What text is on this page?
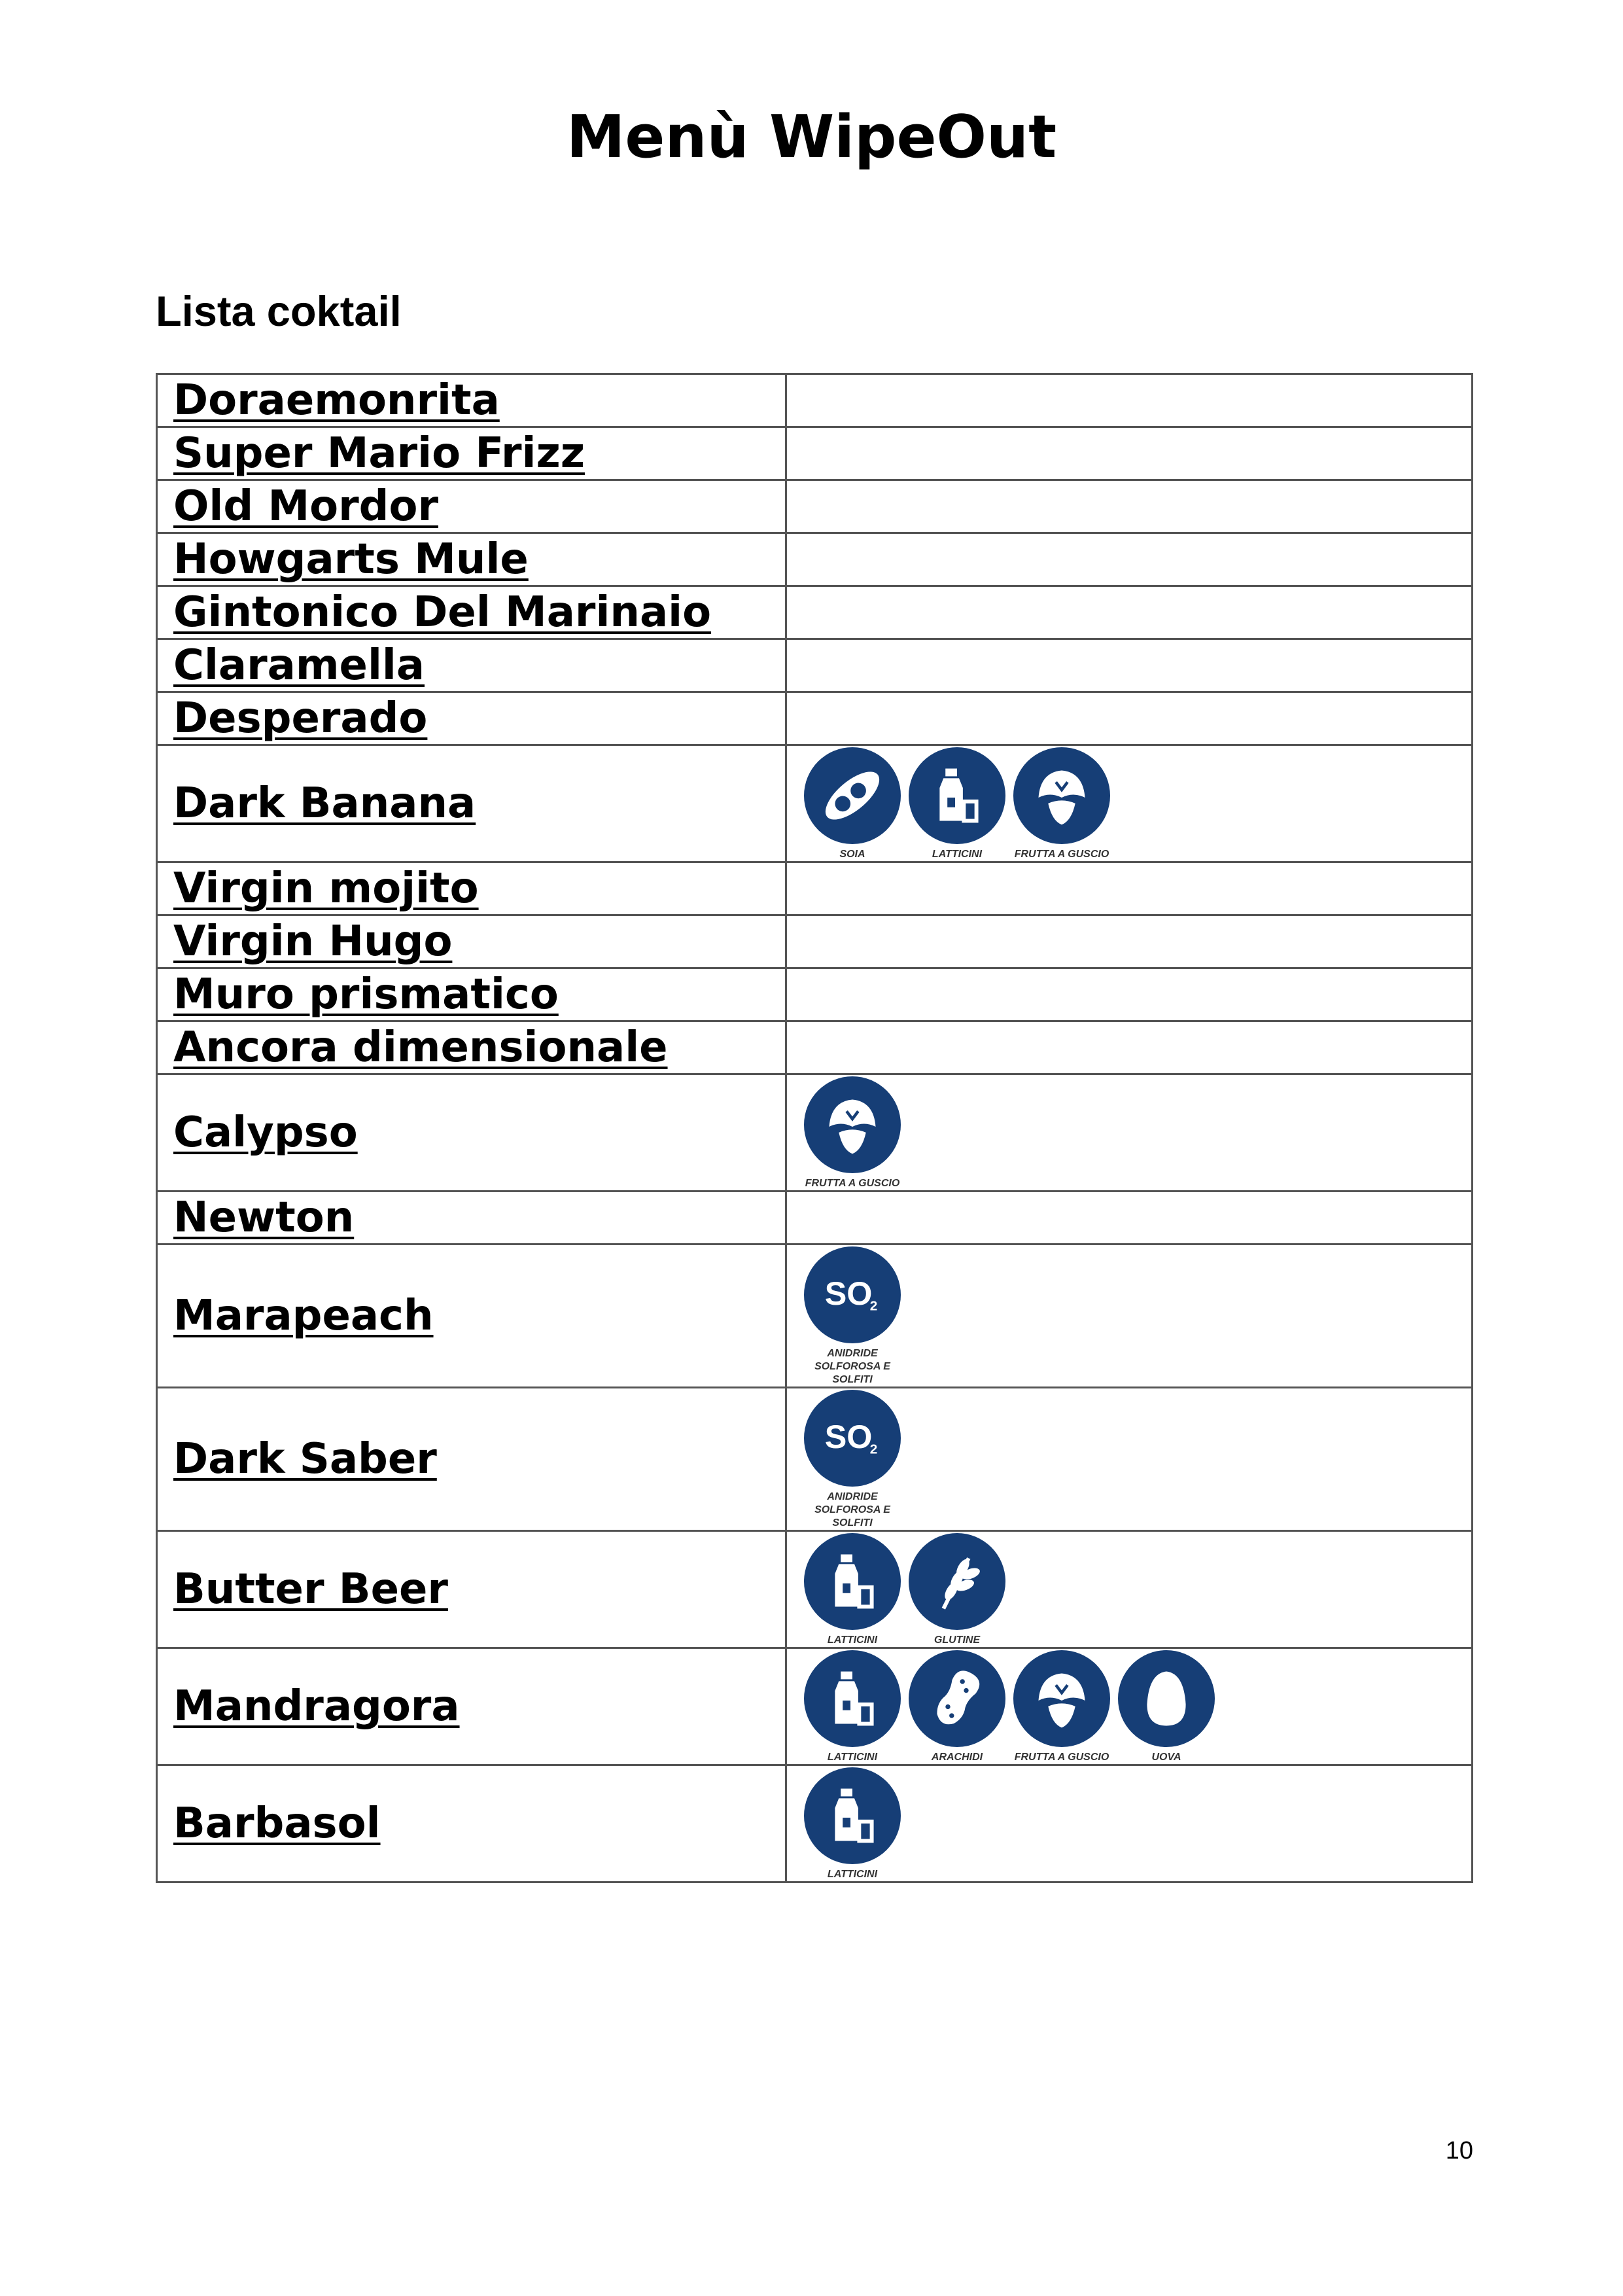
Menù WipeOut
Lista coktail
Doraemonrita	
Super Mario Frizz	
Old Mordor	
Howgarts Mule	
Gintonico Del Marinaio	
Claramella	
Desperado	
Dark Banana	SOIA LATTICINI FRUTTA A GUSCIO

Virgin mojito	
Virgin Hugo	
Muro prismatico	
Ancora dimensionale	
Calypso	FRUTTA A GUSCIO

Newton	
Marapeach	SO
2
ANIDRIDE SOLFOROSA E SOLFITI

Dark Saber	SO
2
ANIDRIDE SOLFOROSA E SOLFITI

Butter Beer	LATTICINI GLUTINE

Mandragora	LATTICINI ARACHIDI FRUTTA A GUSCIO UOVA

Barbasol	LATTICINI
10
